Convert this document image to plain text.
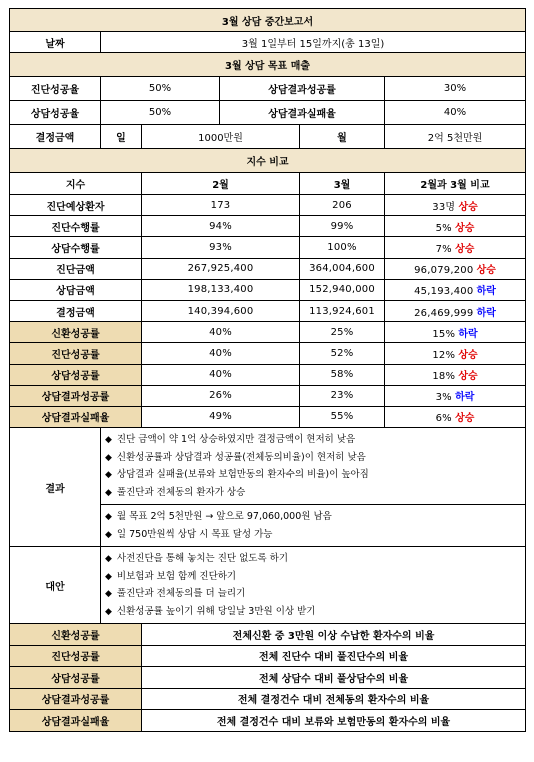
3월 상담 중간보고서					
날짜	3월 1일부터 15일까지(총 13일)				
3월 상담 목표 매출					
진단성공율	50%		상담결과성공률		30%
상담성공율	50%		상담결과실패율		40%
결정금액	일	1000만원		월	2억 5천만원
지수 비교					
지수		2월		3월	2월과 3월 비교
진단예상환자		173		206	33명 상승
진단수행률		94%		99%	5% 상승
상담수행률		93%		100%	7% 상승
진단금액		267,925,400		364,004,600	96,079,200 상승
상담금액		198,133,400		152,940,000	45,193,400 하락
결정금액		140,394,600		113,924,601	26,469,999 하락
신환성공률		40%		25%	15% 하락
진단성공률		40%		52%	12% 상승
상담성공률		40%		58%	18% 상승
상담결과성공률		26%		23%	3% 하락
상담결과실패율		49%		55%	6% 상승
결과	◆ 진단 금액이 약 1억 상승하였지만 결정금액이 현저히 낮음
◆ 신환성공률과 상담결과 성공률(전체동의비율)이 현저히 낮음
◆ 상담결과 실패율(보류와 보험만동의 환자수의 비율)이 높아짐
◆ 풀진단과 전체동의 환자가 상승				

	◆ 월 목표 2억 5천만원 → 앞으로 97,060,000원 남음
◆ 일 750만원씩 상담 시 목표 달성 가능				

대안	◆ 사전진단을 통해 놓치는 진단 없도록 하기
◆ 비보험과 보험 함께 진단하기
◆ 풀진단과 전체동의를 더 늘리기
◆ 신환성공률 높이기 위해 당일날 3만원 이상 받기				

신환성공률		전체신환 중 3만원 이상 수납한 환자수의 비율			
진단성공률		전체 진단수 대비 풀진단수의 비율			
상담성공률		전체 상담수 대비 풀상담수의 비율			
상담결과성공률		전체 결정건수 대비 전체동의 환자수의 비율			
상담결과실패율		전체 결정건수 대비 보류와 보험만동의 환자수의 비율			
